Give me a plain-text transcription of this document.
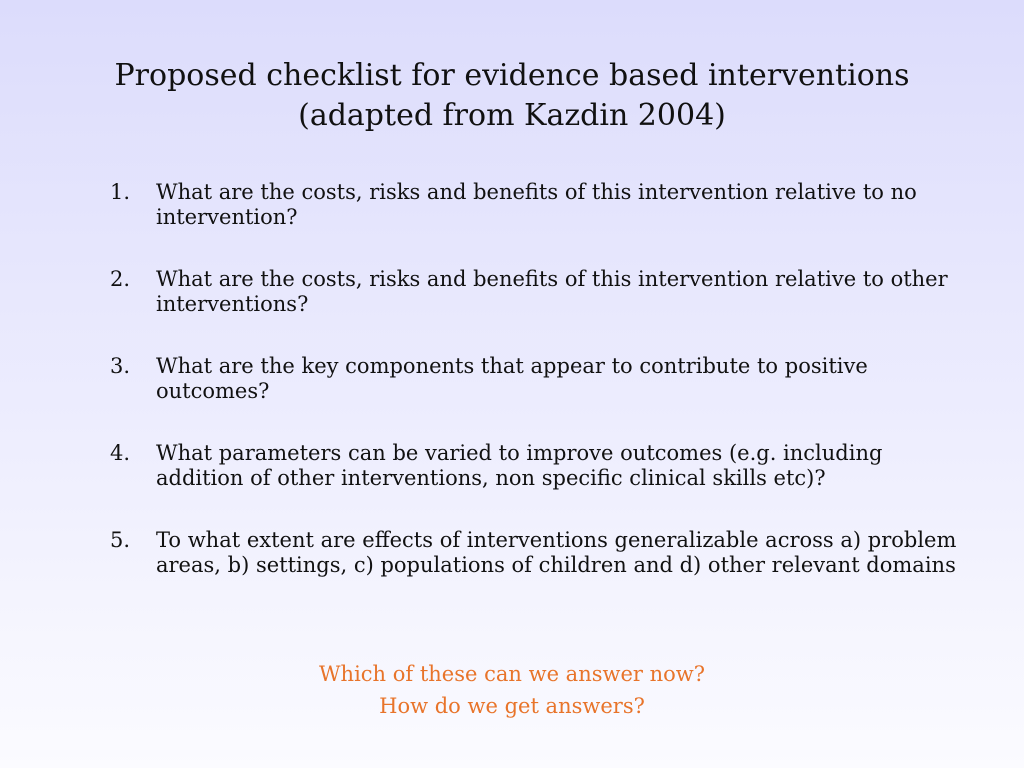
Proposed checklist for evidence based interventions
(adapted from Kazdin 2004)
1.	What are the costs, risks and benefits of this intervention relative to no intervention?
2.	What are the costs, risks and benefits of this intervention relative to other interventions?
3.	What are the key components that appear to contribute to positive outcomes?
4.	What parameters can be varied to improve outcomes (e.g. including addition of other interventions, non specific clinical skills etc)?
5.	To what extent are effects of interventions generalizable across a) problem areas, b) settings, c) populations of children and d) other relevant domains
Which of these can we answer now?
How do we get answers?
